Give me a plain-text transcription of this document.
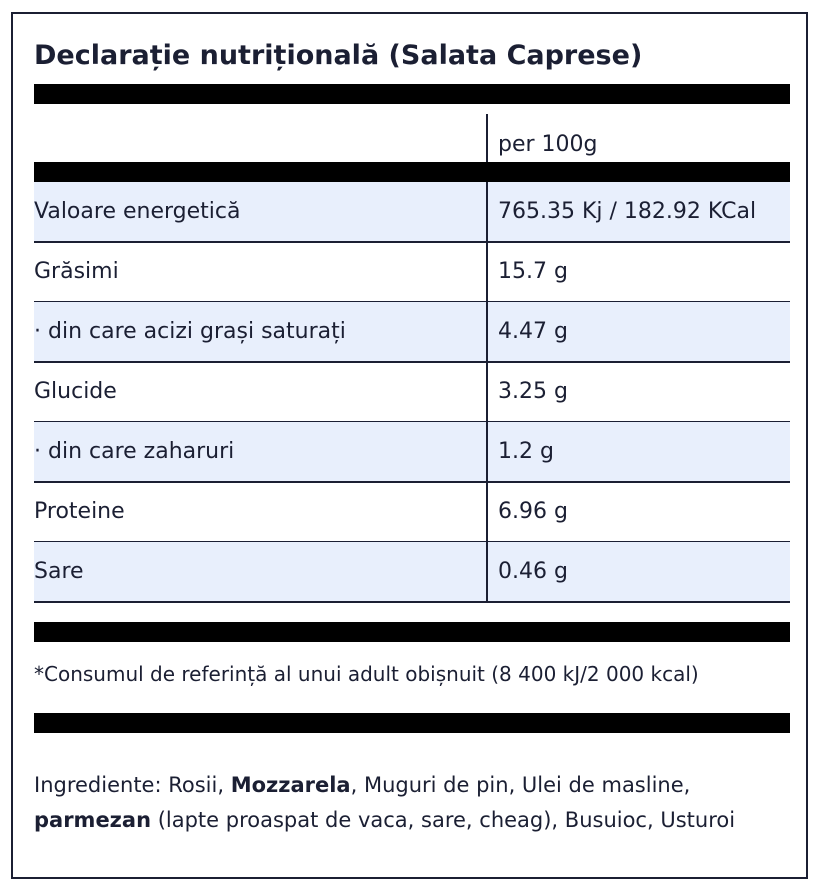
Declarație nutrițională (Salata Caprese)
per 100g
Valoare energetică	765.35 Kj / 182.92 KCal
Grăsimi	15.7 g
· din care acizi grași saturați	4.47 g
Glucide	3.25 g
· din care zaharuri	1.2 g
Proteine	6.96 g
Sare	0.46 g
*Consumul de referință al unui adult obișnuit (8 400 kJ/2 000 kcal)
Ingrediente: Rosii, Mozzarela, Muguri de pin, Ulei de masline, parmezan (lapte proaspat de vaca, sare, cheag), Busuioc, Usturoi
